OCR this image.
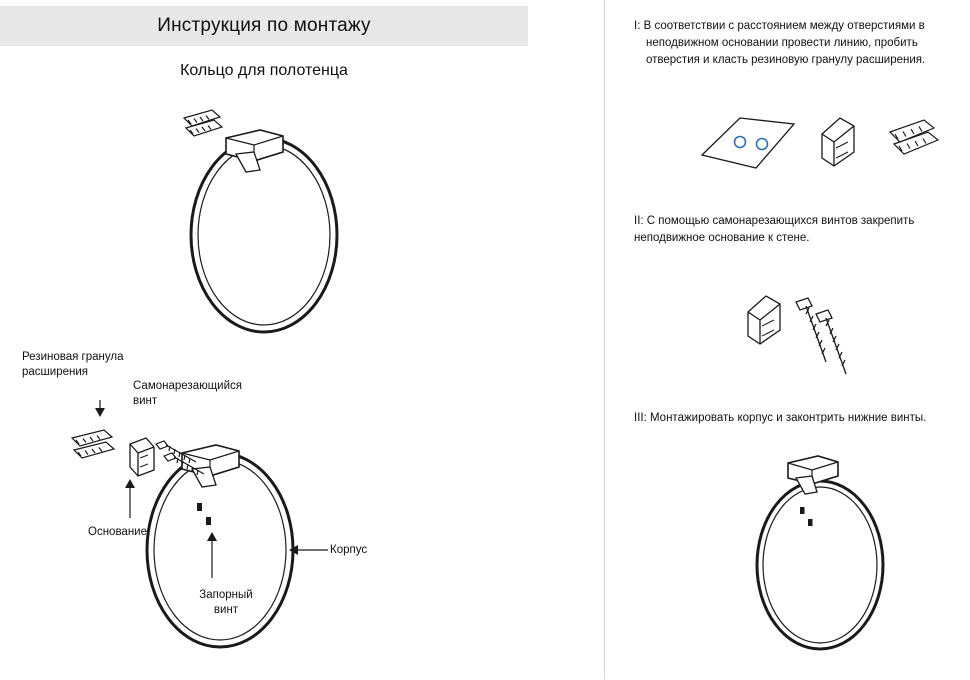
Инструкция по монтажу
Кольцо для полотенца
Резиновая гранула расширения
Самонарезающийся винт
Основание
Запорный винт
Корпус
I: В соответствии с расстоянием между отверстиями в
неподвижном основании провести линию, пробить
отверстия и класть резиновую гранулу расширения.
II: С помощью самонарезающихся винтов закрепить
неподвижное основание к стене.
III: Монтажировать корпус и законтрить нижние винты.
